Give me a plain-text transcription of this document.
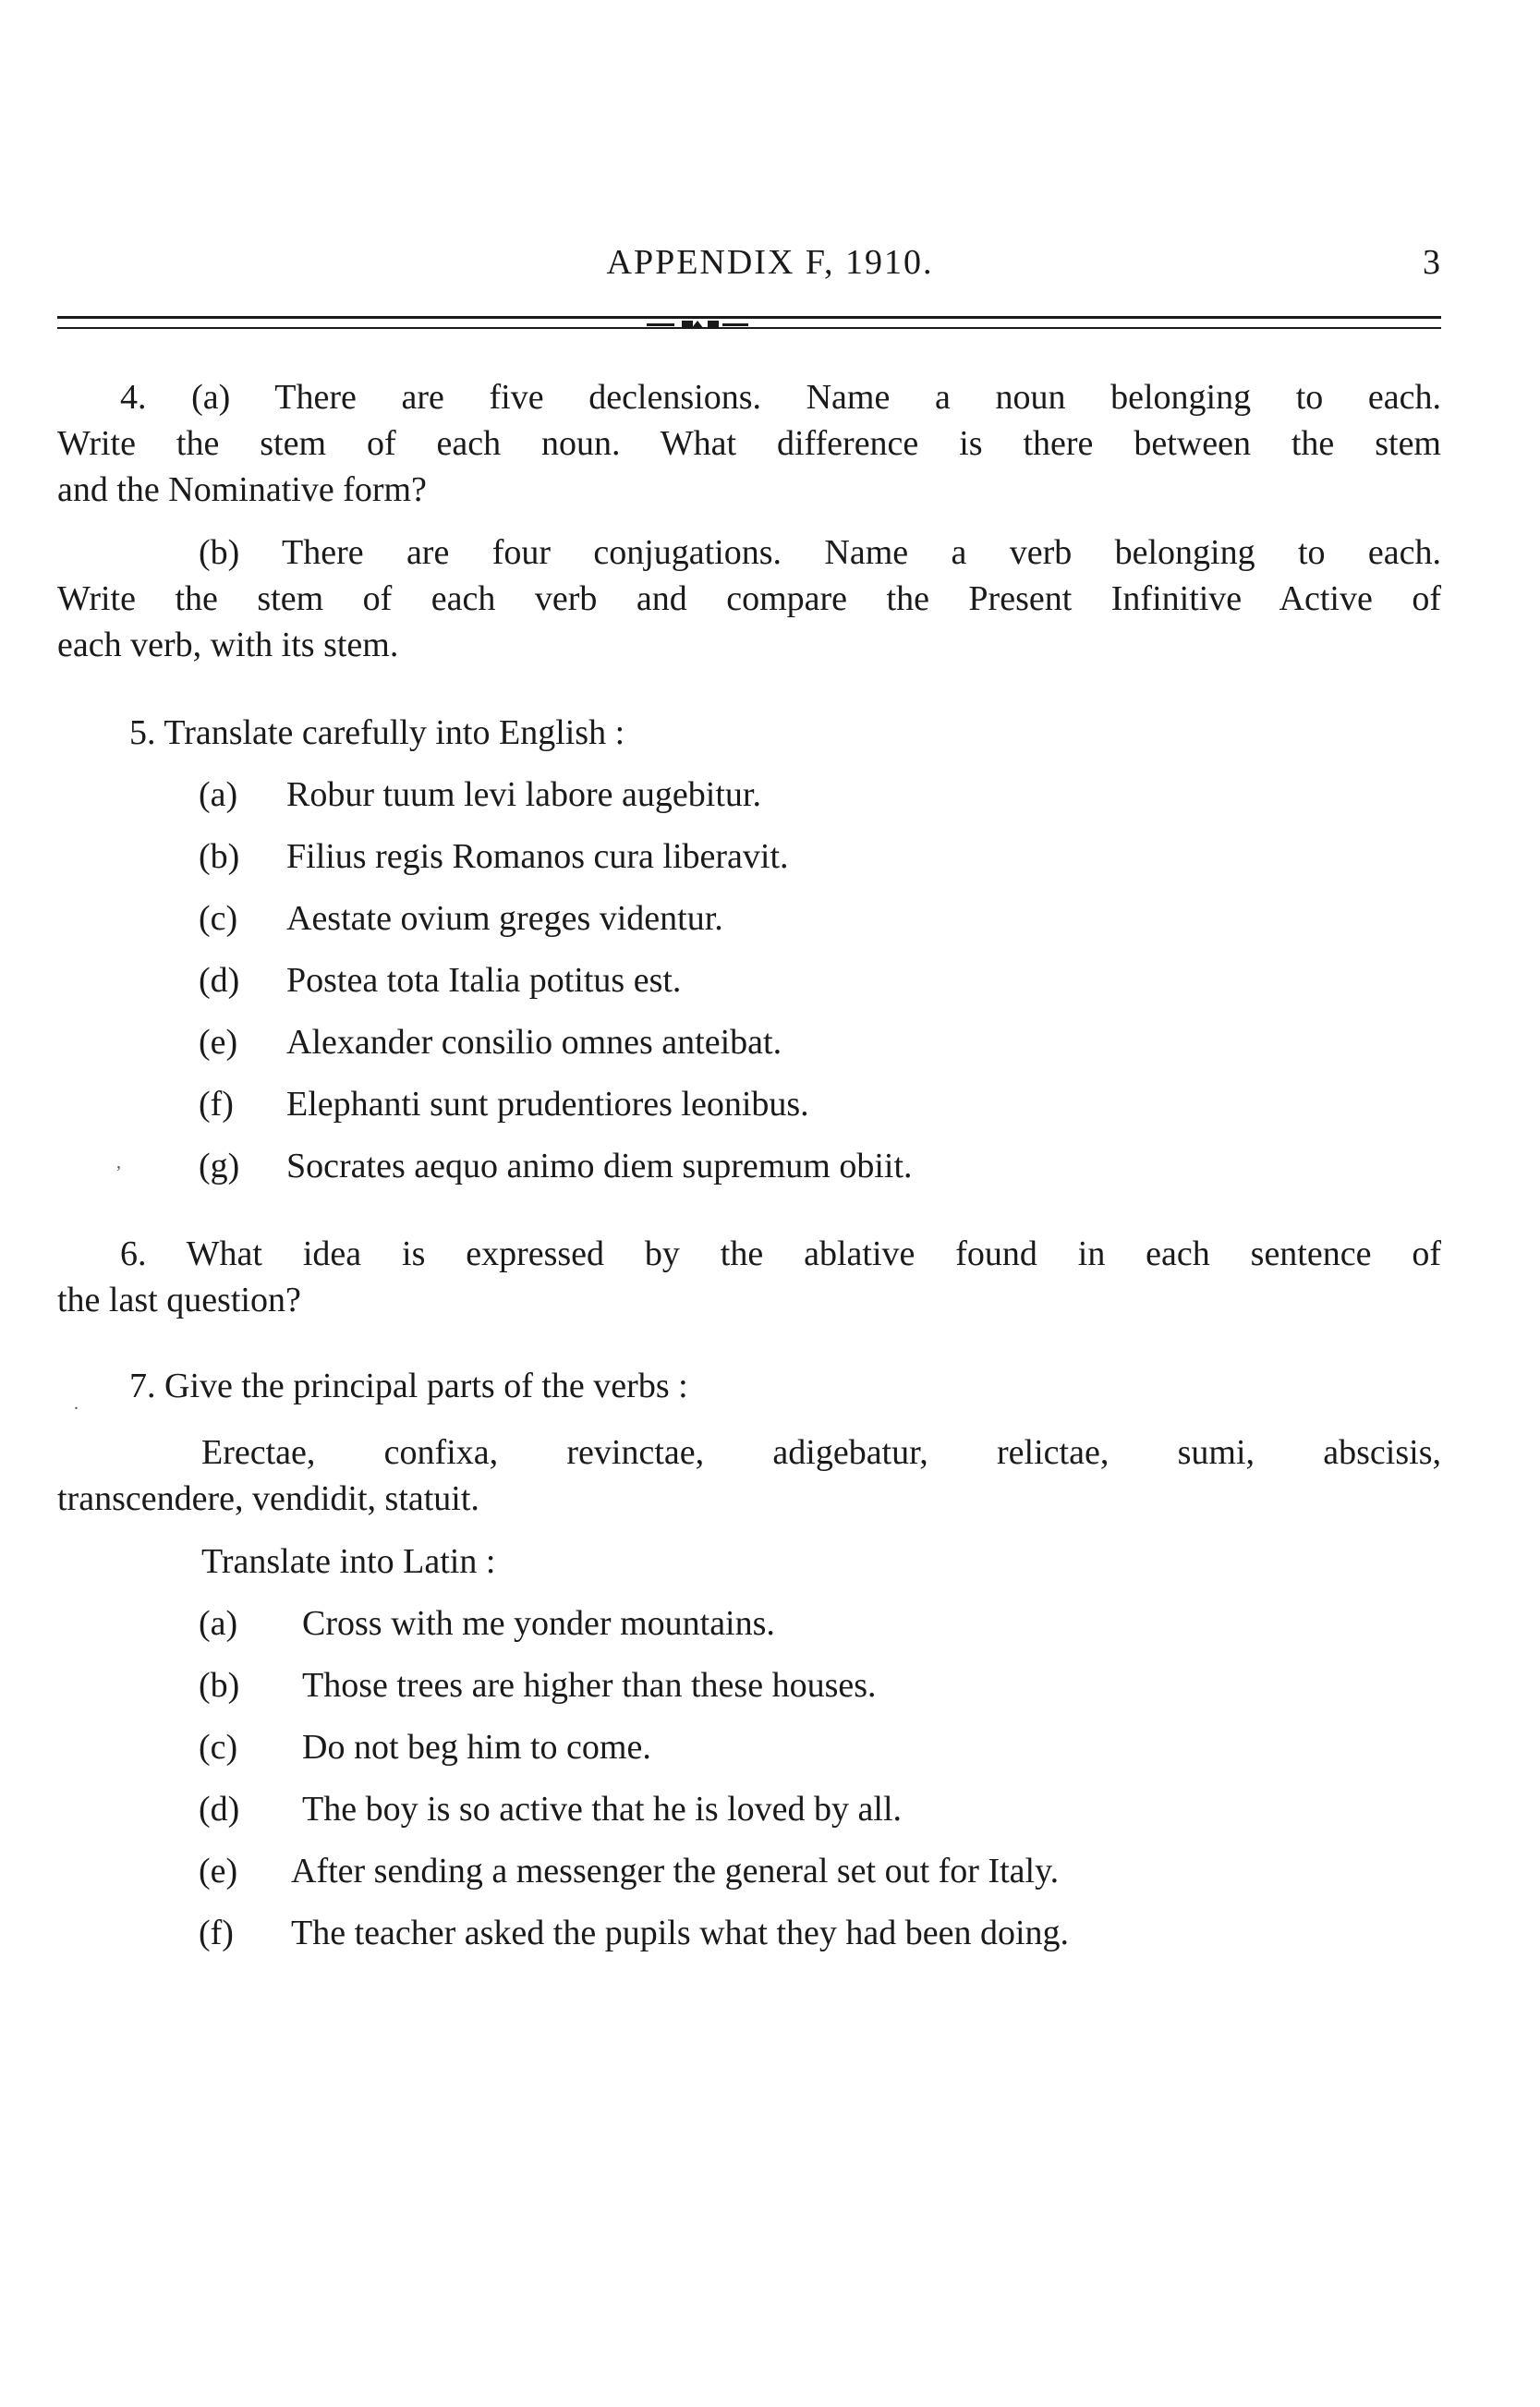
APPENDIX F, 1910.	3
4. (a) There are five declensions. Name a noun belonging to each.
Write the stem of each noun. What difference is there between the stem
and the Nominative form?
(b) There are four conjugations. Name a verb belonging to each.
Write the stem of each verb and compare the Present Infinitive Active of
each verb, with its stem.
5. Translate carefully into English :
(a) Robur tuum levi labore augebitur.
(b) Filius regis Romanos cura liberavit.
(c) Aestate ovium greges videntur.
(d) Postea tota Italia potitus est.
(e) Alexander consilio omnes anteibat.
(f) Elephanti sunt prudentiores leonibus.
(g) Socrates aequo animo diem supremum obiit.
’
6. What idea is expressed by the ablative found in each sentence of
the last question?
. 7. Give the principal parts of the verbs :
Erectae, confixa, revinctae, adigebatur, relictae, sumi, abscisis,
transcendere, vendidit, statuit.
Translate into Latin :
(a) Cross with me yonder mountains.
(b) Those trees are higher than these houses.
(c) Do not beg him to come.
(d) The boy is so active that he is loved by all.
(e) After sending a messenger the general set out for Italy.
(f) The teacher asked the pupils what they had been doing.
